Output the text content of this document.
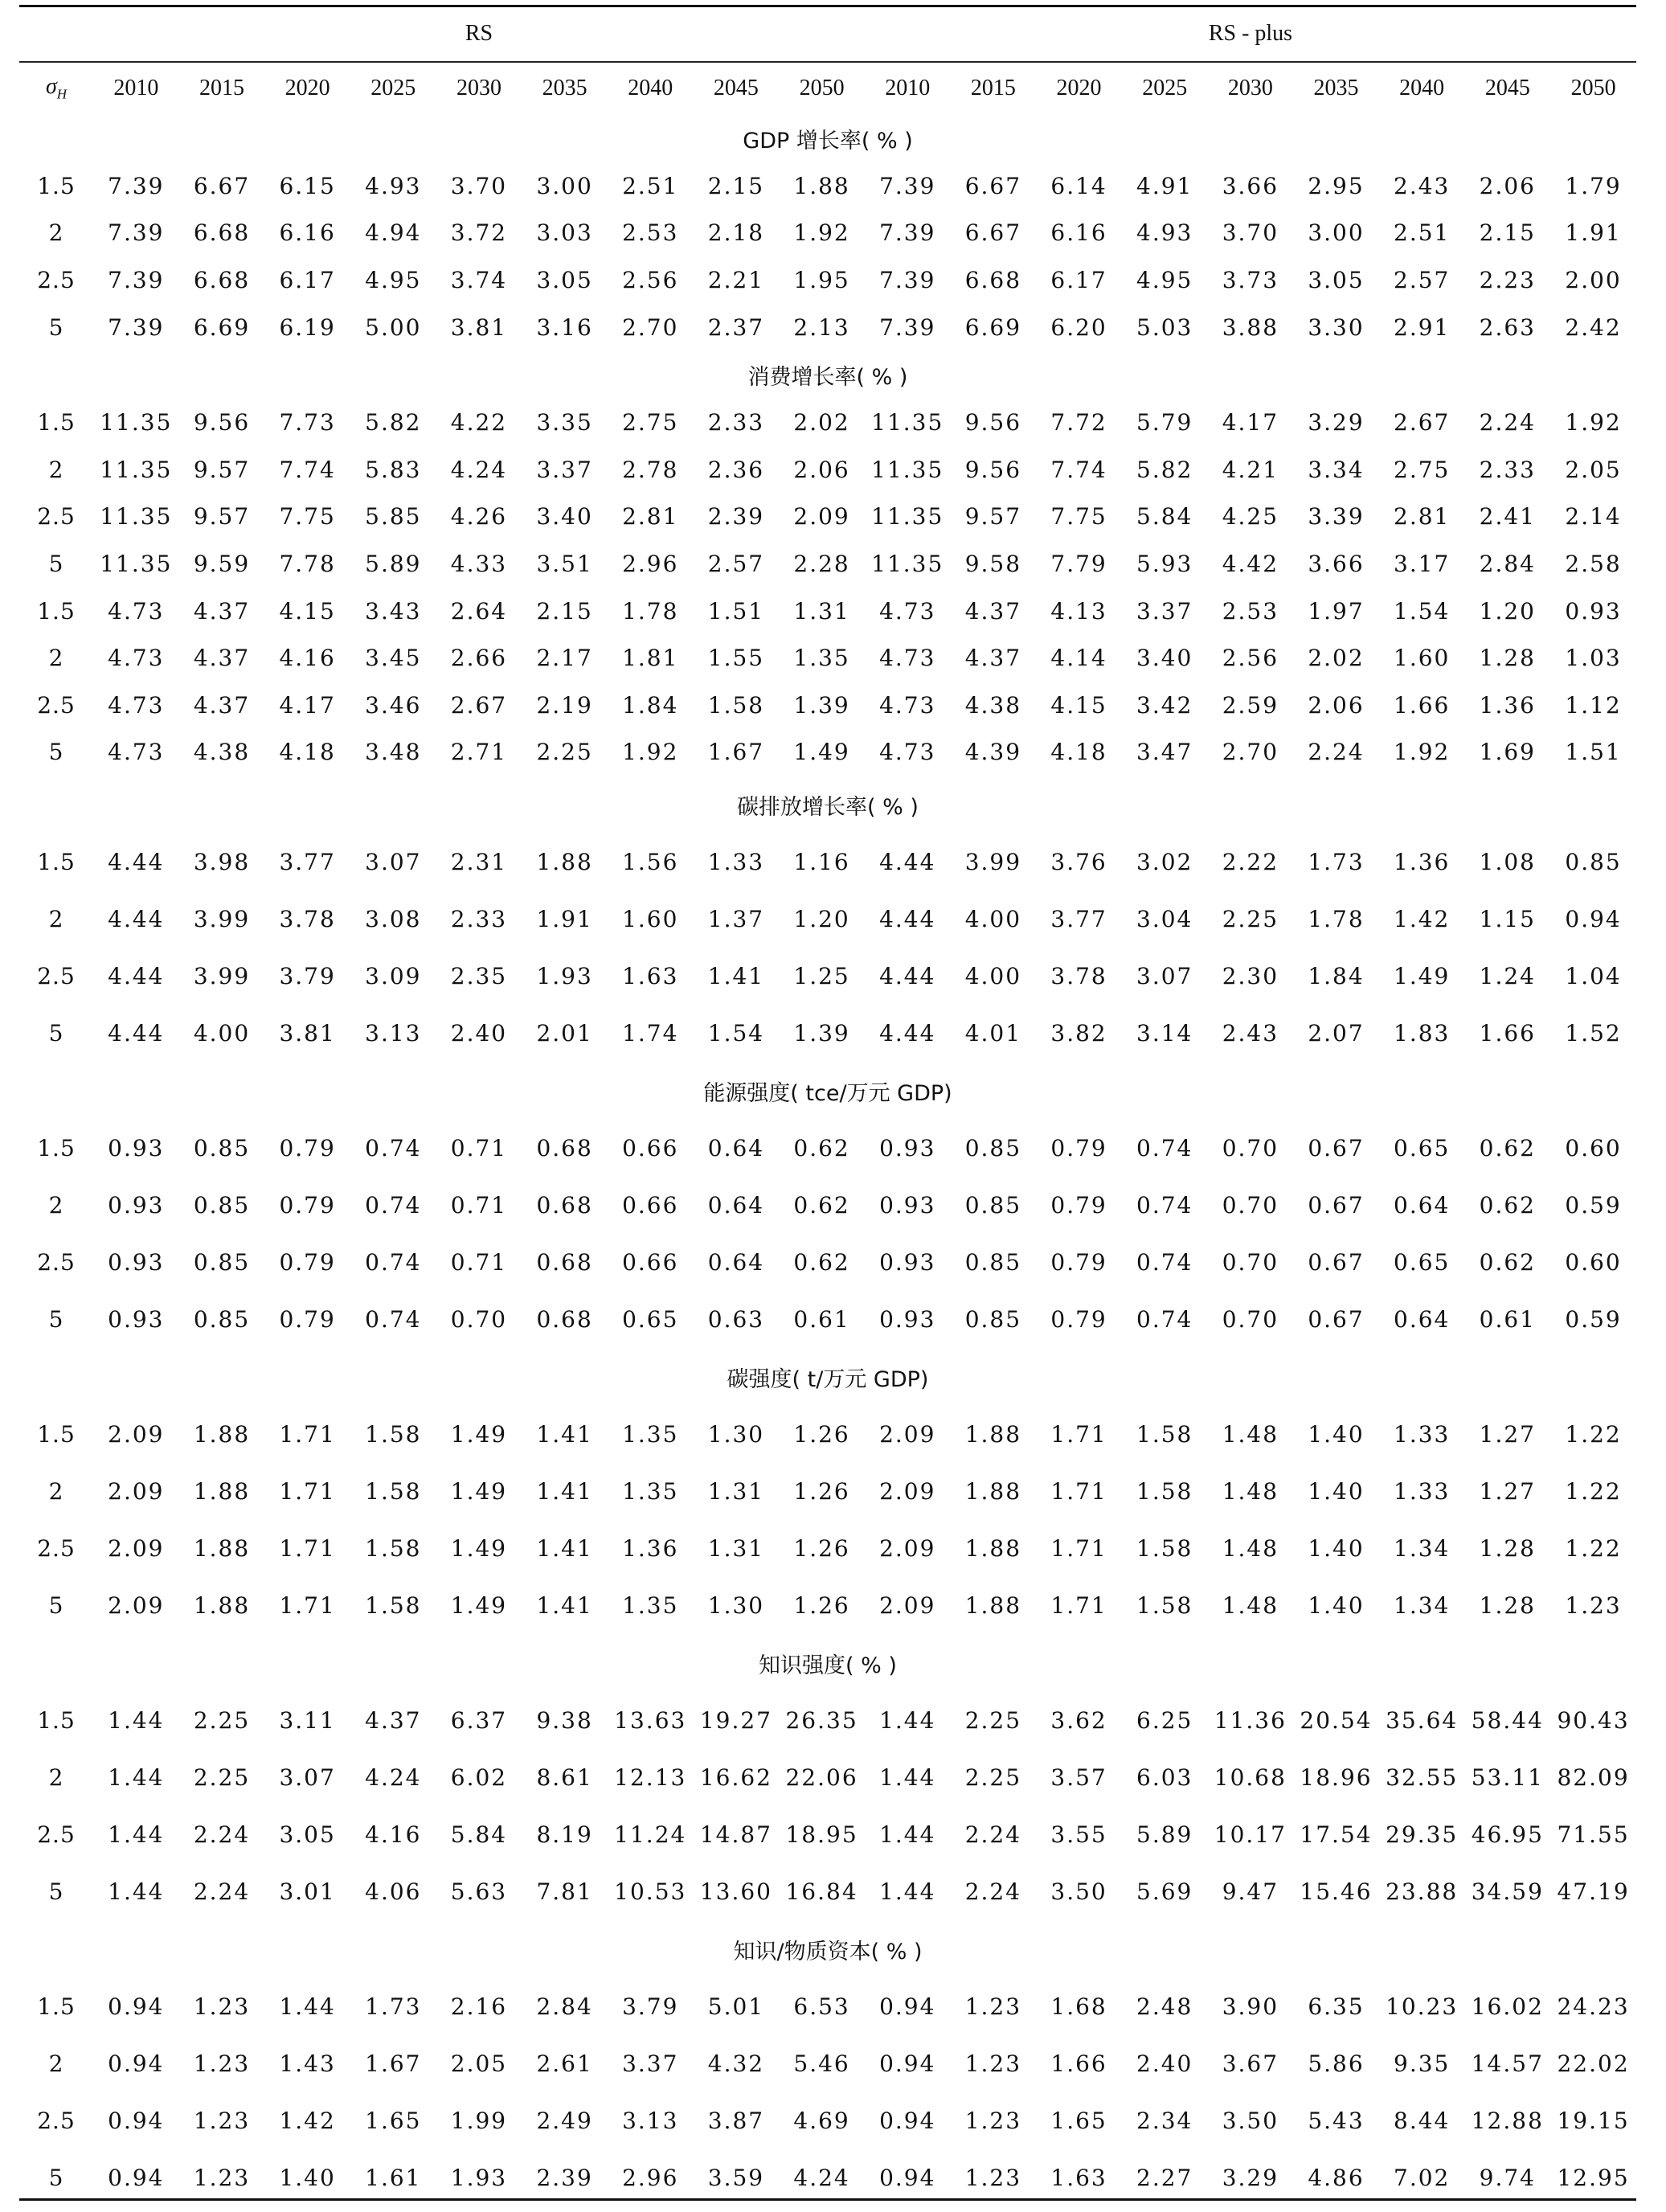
	RS									RS - plus								
$\sigma_H$	2010	2015	2020	2025	2030	2035	2040	2045	2050	2010	2015	2020	2025	2030	2035	2040	2045	2050
GDP 增长率( % )																		
1.5	7.39	6.67	6.15	4.93	3.70	3.00	2.51	2.15	1.88	7.39	6.67	6.14	4.91	3.66	2.95	2.43	2.06	1.79
2	7.39	6.68	6.16	4.94	3.72	3.03	2.53	2.18	1.92	7.39	6.67	6.16	4.93	3.70	3.00	2.51	2.15	1.91
2.5	7.39	6.68	6.17	4.95	3.74	3.05	2.56	2.21	1.95	7.39	6.68	6.17	4.95	3.73	3.05	2.57	2.23	2.00
5	7.39	6.69	6.19	5.00	3.81	3.16	2.70	2.37	2.13	7.39	6.69	6.20	5.03	3.88	3.30	2.91	2.63	2.42
消费增长率( % )																		
1.5	11.35	9.56	7.73	5.82	4.22	3.35	2.75	2.33	2.02	11.35	9.56	7.72	5.79	4.17	3.29	2.67	2.24	1.92
2	11.35	9.57	7.74	5.83	4.24	3.37	2.78	2.36	2.06	11.35	9.56	7.74	5.82	4.21	3.34	2.75	2.33	2.05
2.5	11.35	9.57	7.75	5.85	4.26	3.40	2.81	2.39	2.09	11.35	9.57	7.75	5.84	4.25	3.39	2.81	2.41	2.14
5	11.35	9.59	7.78	5.89	4.33	3.51	2.96	2.57	2.28	11.35	9.58	7.79	5.93	4.42	3.66	3.17	2.84	2.58
1.5	4.73	4.37	4.15	3.43	2.64	2.15	1.78	1.51	1.31	4.73	4.37	4.13	3.37	2.53	1.97	1.54	1.20	0.93
2	4.73	4.37	4.16	3.45	2.66	2.17	1.81	1.55	1.35	4.73	4.37	4.14	3.40	2.56	2.02	1.60	1.28	1.03
2.5	4.73	4.37	4.17	3.46	2.67	2.19	1.84	1.58	1.39	4.73	4.38	4.15	3.42	2.59	2.06	1.66	1.36	1.12
5	4.73	4.38	4.18	3.48	2.71	2.25	1.92	1.67	1.49	4.73	4.39	4.18	3.47	2.70	2.24	1.92	1.69	1.51
碳排放增长率( % )																		
1.5	4.44	3.98	3.77	3.07	2.31	1.88	1.56	1.33	1.16	4.44	3.99	3.76	3.02	2.22	1.73	1.36	1.08	0.85
2	4.44	3.99	3.78	3.08	2.33	1.91	1.60	1.37	1.20	4.44	4.00	3.77	3.04	2.25	1.78	1.42	1.15	0.94
2.5	4.44	3.99	3.79	3.09	2.35	1.93	1.63	1.41	1.25	4.44	4.00	3.78	3.07	2.30	1.84	1.49	1.24	1.04
5	4.44	4.00	3.81	3.13	2.40	2.01	1.74	1.54	1.39	4.44	4.01	3.82	3.14	2.43	2.07	1.83	1.66	1.52
能源强度( tce/万元 GDP)																		
1.5	0.93	0.85	0.79	0.74	0.71	0.68	0.66	0.64	0.62	0.93	0.85	0.79	0.74	0.70	0.67	0.65	0.62	0.60
2	0.93	0.85	0.79	0.74	0.71	0.68	0.66	0.64	0.62	0.93	0.85	0.79	0.74	0.70	0.67	0.64	0.62	0.59
2.5	0.93	0.85	0.79	0.74	0.71	0.68	0.66	0.64	0.62	0.93	0.85	0.79	0.74	0.70	0.67	0.65	0.62	0.60
5	0.93	0.85	0.79	0.74	0.70	0.68	0.65	0.63	0.61	0.93	0.85	0.79	0.74	0.70	0.67	0.64	0.61	0.59
碳强度( t/万元 GDP)																		
1.5	2.09	1.88	1.71	1.58	1.49	1.41	1.35	1.30	1.26	2.09	1.88	1.71	1.58	1.48	1.40	1.33	1.27	1.22
2	2.09	1.88	1.71	1.58	1.49	1.41	1.35	1.31	1.26	2.09	1.88	1.71	1.58	1.48	1.40	1.33	1.27	1.22
2.5	2.09	1.88	1.71	1.58	1.49	1.41	1.36	1.31	1.26	2.09	1.88	1.71	1.58	1.48	1.40	1.34	1.28	1.22
5	2.09	1.88	1.71	1.58	1.49	1.41	1.35	1.30	1.26	2.09	1.88	1.71	1.58	1.48	1.40	1.34	1.28	1.23
知识强度( % )																		
1.5	1.44	2.25	3.11	4.37	6.37	9.38	13.63	19.27	26.35	1.44	2.25	3.62	6.25	11.36	20.54	35.64	58.44	90.43
2	1.44	2.25	3.07	4.24	6.02	8.61	12.13	16.62	22.06	1.44	2.25	3.57	6.03	10.68	18.96	32.55	53.11	82.09
2.5	1.44	2.24	3.05	4.16	5.84	8.19	11.24	14.87	18.95	1.44	2.24	3.55	5.89	10.17	17.54	29.35	46.95	71.55
5	1.44	2.24	3.01	4.06	5.63	7.81	10.53	13.60	16.84	1.44	2.24	3.50	5.69	9.47	15.46	23.88	34.59	47.19
知识/物质资本( % )																		
1.5	0.94	1.23	1.44	1.73	2.16	2.84	3.79	5.01	6.53	0.94	1.23	1.68	2.48	3.90	6.35	10.23	16.02	24.23
2	0.94	1.23	1.43	1.67	2.05	2.61	3.37	4.32	5.46	0.94	1.23	1.66	2.40	3.67	5.86	9.35	14.57	22.02
2.5	0.94	1.23	1.42	1.65	1.99	2.49	3.13	3.87	4.69	0.94	1.23	1.65	2.34	3.50	5.43	8.44	12.88	19.15
5	0.94	1.23	1.40	1.61	1.93	2.39	2.96	3.59	4.24	0.94	1.23	1.63	2.27	3.29	4.86	7.02	9.74	12.95
